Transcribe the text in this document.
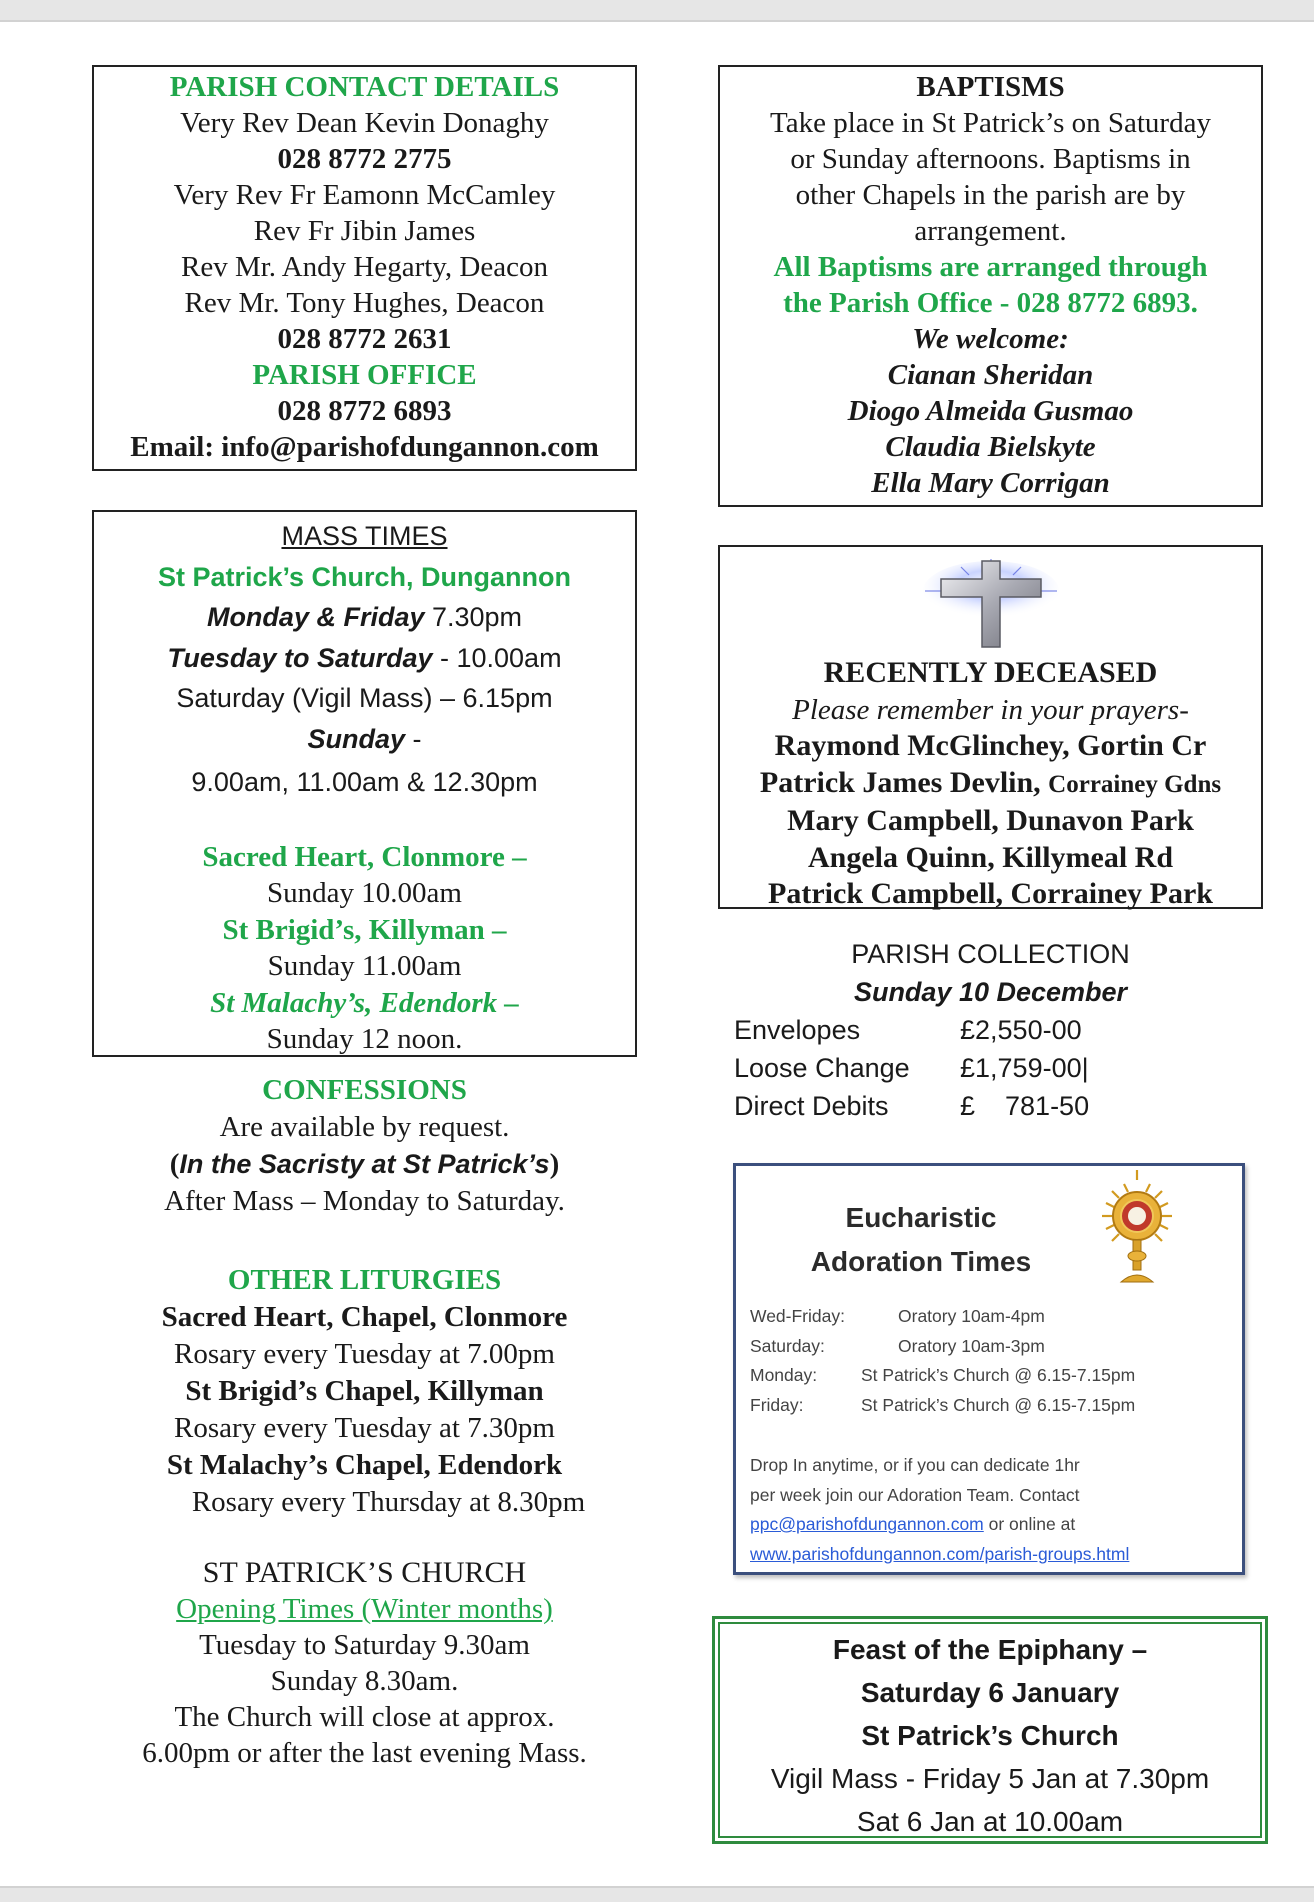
PARISH CONTACT DETAILS
Very Rev Dean Kevin Donaghy
028 8772 2775
Very Rev Fr Eamonn McCamley
Rev Fr Jibin James
Rev Mr. Andy Hegarty, Deacon
Rev Mr. Tony Hughes, Deacon
028 8772 2631
PARISH OFFICE
028 8772 6893
Email: info@parishofdungannon.com
BAPTISMS
Take place in St Patrick’s on Saturday
or Sunday afternoons. Baptisms in
other Chapels in the parish are by
arrangement.
All Baptisms are arranged through
the Parish Office - 028 8772 6893.
We welcome:
Cianan Sheridan
Diogo Almeida Gusmao
Claudia Bielskyte
Ella Mary Corrigan
MASS TIMES
St Patrick’s Church, Dungannon
Monday & Friday 7.30pm
Tuesday to Saturday - 10.00am
Saturday (Vigil Mass) – 6.15pm
Sunday -
9.00am, 11.00am & 12.30pm
Sacred Heart, Clonmore –
Sunday 10.00am
St Brigid’s, Killyman –
Sunday 11.00am
St Malachy’s, Edendork –
Sunday 12 noon.
RECENTLY DECEASED
Please remember in your prayers-
Raymond McGlinchey, Gortin Cr
Patrick James Devlin, Corrainey Gdns
Mary Campbell, Dunavon Park
Angela Quinn, Killymeal Rd
Patrick Campbell, Corrainey Park
PARISH COLLECTION
Sunday 10 December
Envelopes	£2,550-00
Loose Change £1,759-00|
Direct Debits	£    781-50
Eucharistic
Adoration Times
Wed-Friday:	Oratory 10am-4pm
Saturday:	Oratory 10am-3pm
Monday:	St Patrick’s Church @ 6.15-7.15pm
Friday:	St Patrick’s Church @ 6.15-7.15pm
Drop In anytime, or if you can dedicate 1hr
per week join our Adoration Team. Contact
ppc@parishofdungannon.com or online at
www.parishofdungannon.com/parish-groups.html
CONFESSIONS
Are available by request.
(In the Sacristy at St Patrick’s)
After Mass – Monday to Saturday.
OTHER LITURGIES
Sacred Heart, Chapel, Clonmore
Rosary every Tuesday at 7.00pm
St Brigid’s Chapel, Killyman
Rosary every Tuesday at 7.30pm
St Malachy’s Chapel, Edendork
Rosary every Thursday at 8.30pm
ST PATRICK’S CHURCH
Opening Times (Winter months)
Tuesday to Saturday 9.30am
Sunday 8.30am.
The Church will close at approx.
6.00pm or after the last evening Mass.
Feast of the Epiphany –
Saturday 6 January
St Patrick’s Church
Vigil Mass - Friday 5 Jan at 7.30pm
Sat 6 Jan at 10.00am
